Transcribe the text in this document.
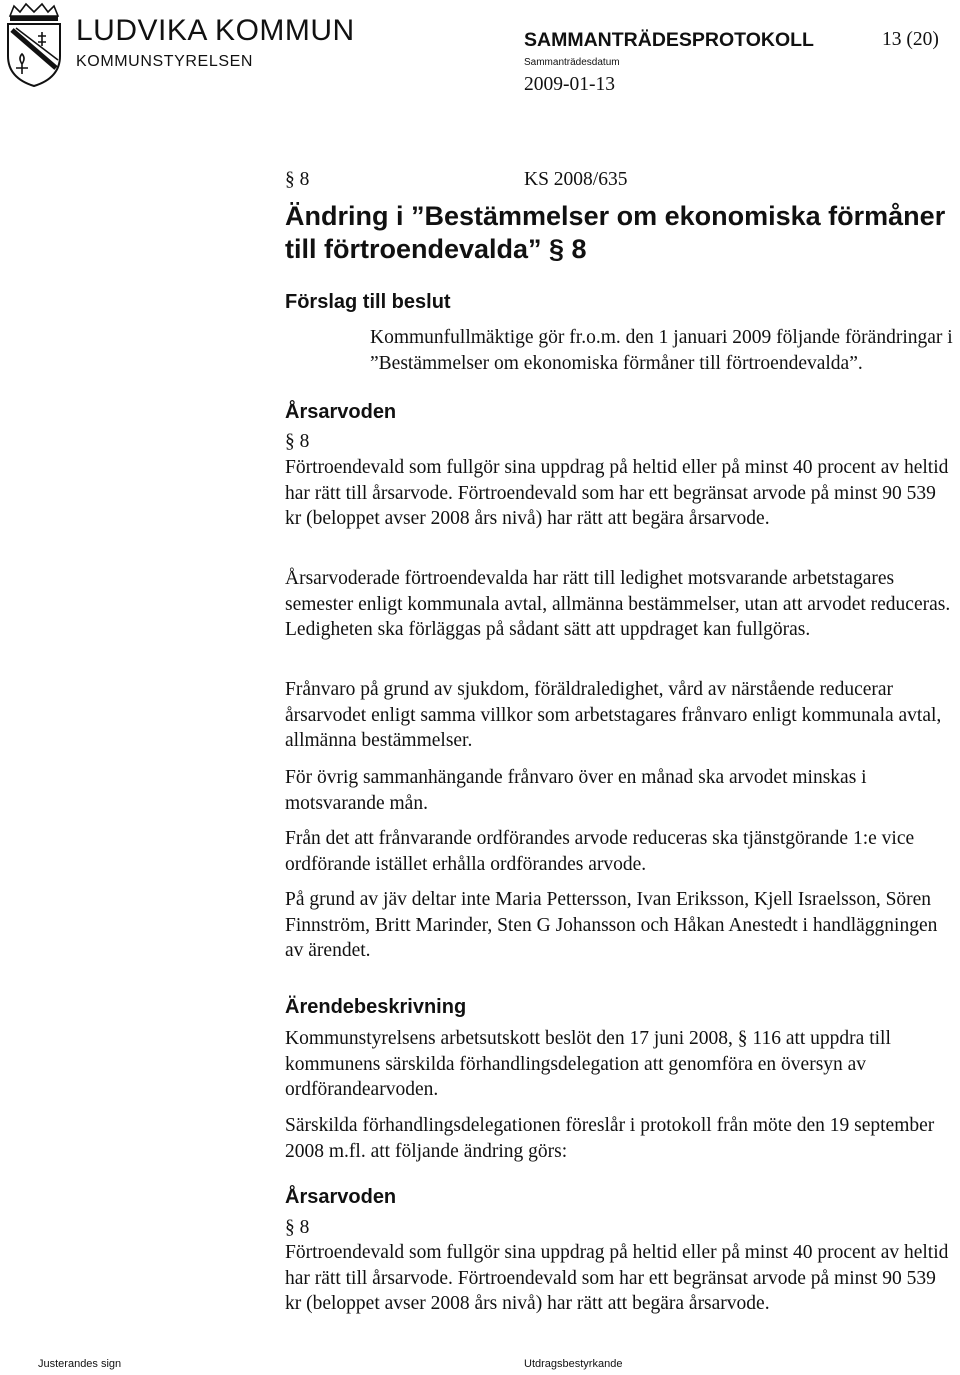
LUDVIKA KOMMUN
KOMMUNSTYRELSEN
SAMMANTRÄDESPROTOKOLL	13 (20)
Sammanträdesdatum
2009-01-13
§ 8	KS 2008/635
Ändring i ”Bestämmelser om ekonomiska förmåner till förtroendevalda” § 8
Förslag till beslut
Kommunfullmäktige gör fr.o.m. den 1 januari 2009 följande förändringar i ”Bestämmelser om ekonomiska förmåner till förtroendevalda”.
Årsarvoden
§ 8
Förtroendevald som fullgör sina uppdrag på heltid eller på minst 40 procent av heltid har rätt till årsarvode. Förtroendevald som har ett begränsat arvode på minst 90 539 kr (beloppet avser 2008 års nivå) har rätt att begära årsarvode.
Årsarvoderade förtroendevalda har rätt till ledighet motsvarande arbetstagares semester enligt kommunala avtal, allmänna bestämmelser, utan att arvodet reduceras. Ledigheten ska förläggas på sådant sätt att uppdraget kan fullgöras.
Frånvaro på grund av sjukdom, föräldraledighet, vård av närstående reducerar årsarvodet enligt samma villkor som arbetstagares frånvaro enligt kommunala avtal, allmänna bestämmelser.
För övrig sammanhängande frånvaro över en månad ska arvodet minskas i motsvarande mån.
Från det att frånvarande ordförandes arvode reduceras ska tjänstgörande 1:e vice ordförande istället erhålla ordförandes arvode.
På grund av jäv deltar inte Maria Pettersson, Ivan Eriksson, Kjell Israelsson, Sören Finnström, Britt Marinder, Sten G Johansson och Håkan Anestedt i handläggningen av ärendet.
Ärendebeskrivning
Kommunstyrelsens arbetsutskott beslöt den 17 juni 2008, § 116 att uppdra till kommunens särskilda förhandlingsdelegation att genomföra en översyn av ordförandearvoden.
Särskilda förhandlingsdelegationen föreslår i protokoll från möte den 19 september 2008 m.fl. att följande ändring görs:
Årsarvoden
§ 8
Förtroendevald som fullgör sina uppdrag på heltid eller på minst 40 procent av heltid har rätt till årsarvode. Förtroendevald som har ett begränsat arvode på minst 90 539 kr (beloppet avser 2008 års nivå) har rätt att begära årsarvode.
Justerandes sign	Utdragsbestyrkande
